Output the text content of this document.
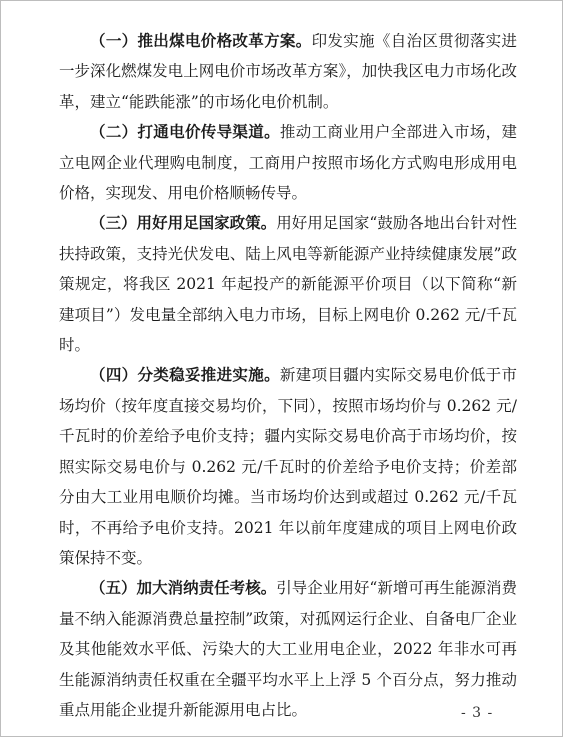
（一）推出煤电价格改革方案。印发实施《自治区贯彻落实进一步深化燃煤发电上网电价市场改革方案》，加快我区电力市场化改革，建立“能跌能涨”的市场化电价机制。

（二）打通电价传导渠道。推动工商业用户全部进入市场，建立电网企业代理购电制度，工商用户按照市场化方式购电形成用电价格，实现发、用电价格顺畅传导。

（三）用好用足国家政策。用好用足国家“鼓励各地出台针对性扶持政策，支持光伏发电、陆上风电等新能源产业持续健康发展”政策规定，将我区 2021 年起投产的新能源平价项目（以下简称“新建项目”）发电量全部纳入电力市场，目标上网电价 0.262 元/千瓦时。

（四）分类稳妥推进实施。新建项目疆内实际交易电价低于市场均价（按年度直接交易均价，下同），按照市场均价与 0.262 元/千瓦时的价差给予电价支持；疆内实际交易电价高于市场均价，按照实际交易电价与 0.262 元/千瓦时的价差给予电价支持；价差部分由大工业用电顺价均摊。当市场均价达到或超过 0.262 元/千瓦时，不再给予电价支持。2021 年以前年度建成的项目上网电价政策保持不变。

（五）加大消纳责任考核。引导企业用好“新增可再生能源消费量不纳入能源消费总量控制”政策，对孤网运行企业、自备电厂企业及其他能效水平低、污染大的大工业用电企业，2022 年非水可再生能源消纳责任权重在全疆平均水平上上浮 5 个百分点，努力推动重点用能企业提升新能源用电占比。	- 3 -
